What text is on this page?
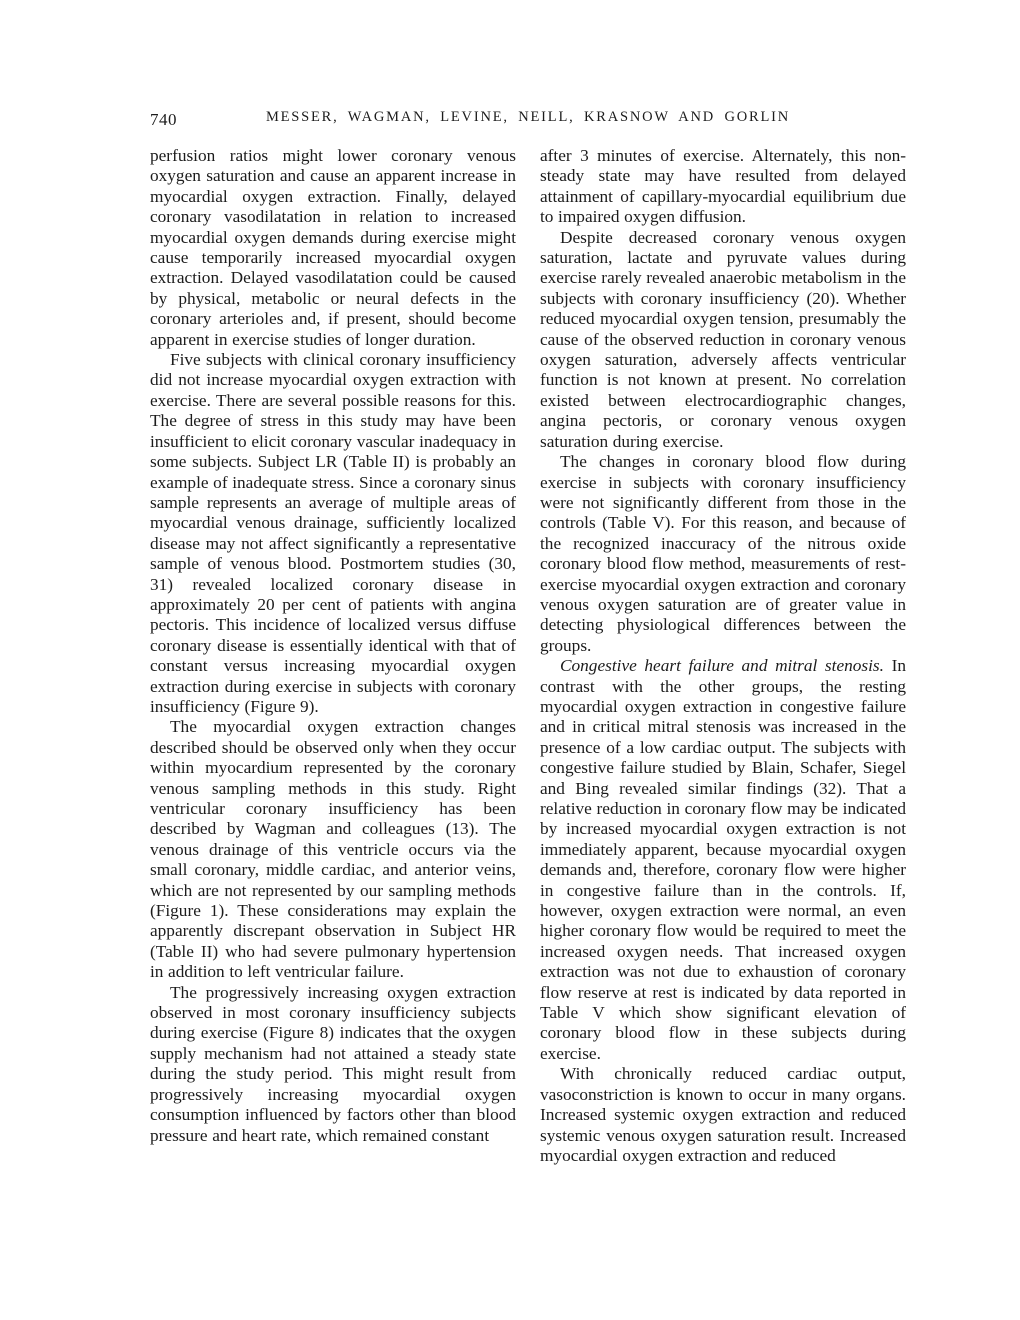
740	MESSER, WAGMAN, LEVINE, NEILL, KRASNOW AND GORLIN

perfusion ratios might lower coronary venous oxygen saturation and cause an apparent increase in myocardial oxygen extraction. Finally, delayed coronary vasodilatation in relation to increased myocardial oxygen demands during exercise might cause temporarily increased myocardial oxygen extraction. Delayed vasodilatation could be caused by physical, metabolic or neural defects in the coronary arterioles and, if present, should become apparent in exercise studies of longer duration.

Five subjects with clinical coronary insufficiency did not increase myocardial oxygen extraction with exercise. There are several possible reasons for this. The degree of stress in this study may have been insufficient to elicit coronary vascular inadequacy in some subjects. Subject LR (Table II) is probably an example of inadequate stress. Since a coronary sinus sample represents an average of multiple areas of myocardial venous drainage, sufficiently localized disease may not affect significantly a representative sample of venous blood. Postmortem studies (30, 31) revealed localized coronary disease in approximately 20 per cent of patients with angina pectoris. This incidence of localized versus diffuse coronary disease is essentially identical with that of constant versus increasing myocardial oxygen extraction during exercise in subjects with coronary insufficiency (Figure 9).

The myocardial oxygen extraction changes described should be observed only when they occur within myocardium represented by the coronary venous sampling methods in this study. Right ventricular coronary insufficiency has been described by Wagman and colleagues (13). The venous drainage of this ventricle occurs via the small coronary, middle cardiac, and anterior veins, which are not represented by our sampling methods (Figure 1). These considerations may explain the apparently discrepant observation in Subject HR (Table II) who had severe pulmonary hypertension in addition to left ventricular failure.

The progressively increasing oxygen extraction observed in most coronary insufficiency subjects during exercise (Figure 8) indicates that the oxygen supply mechanism had not attained a steady state during the study period. This might result from progressively increasing myocardial oxygen consumption influenced by factors other than blood pressure and heart rate, which remained constant

after 3 minutes of exercise. Alternately, this non-steady state may have resulted from delayed attainment of capillary-myocardial equilibrium due to impaired oxygen diffusion.

Despite decreased coronary venous oxygen saturation, lactate and pyruvate values during exercise rarely revealed anaerobic metabolism in the subjects with coronary insufficiency (20). Whether reduced myocardial oxygen tension, presumably the cause of the observed reduction in coronary venous oxygen saturation, adversely affects ventricular function is not known at present. No correlation existed between electrocardiographic changes, angina pectoris, or coronary venous oxygen saturation during exercise.

The changes in coronary blood flow during exercise in subjects with coronary insufficiency were not significantly different from those in the controls (Table V). For this reason, and because of the recognized inaccuracy of the nitrous oxide coronary blood flow method, measurements of rest-exercise myocardial oxygen extraction and coronary venous oxygen saturation are of greater value in detecting physiological differences between the groups.

Congestive heart failure and mitral stenosis. In contrast with the other groups, the resting myocardial oxygen extraction in congestive failure and in critical mitral stenosis was increased in the presence of a low cardiac output. The subjects with congestive failure studied by Blain, Schafer, Siegel and Bing revealed similar findings (32). That a relative reduction in coronary flow may be indicated by increased myocardial oxygen extraction is not immediately apparent, because myocardial oxygen demands and, therefore, coronary flow were higher in congestive failure than in the controls. If, however, oxygen extraction were normal, an even higher coronary flow would be required to meet the increased oxygen needs. That increased oxygen extraction was not due to exhaustion of coronary flow reserve at rest is indicated by data reported in Table V which show significant elevation of coronary blood flow in these subjects during exercise.

With chronically reduced cardiac output, vasoconstriction is known to occur in many organs. Increased systemic oxygen extraction and reduced systemic venous oxygen saturation result. Increased myocardial oxygen extraction and reduced
